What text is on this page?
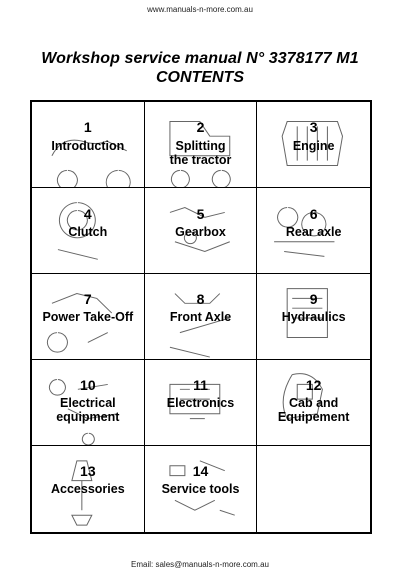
www.manuals-n-more.com.au
Workshop service manual N° 3378177 M1
CONTENTS
1
Introduction
2
Splitting
the tractor
3
Engine
4
Clutch
5
Gearbox
6
Rear axle
7
Power Take-Off
8
Front Axle
9
Hydraulics
10
Electrical
equipment
11
Electronics
12
Cab and
Equipement
13
Accessories
14
Service tools
Email: sales@manuals-n-more.com.au
